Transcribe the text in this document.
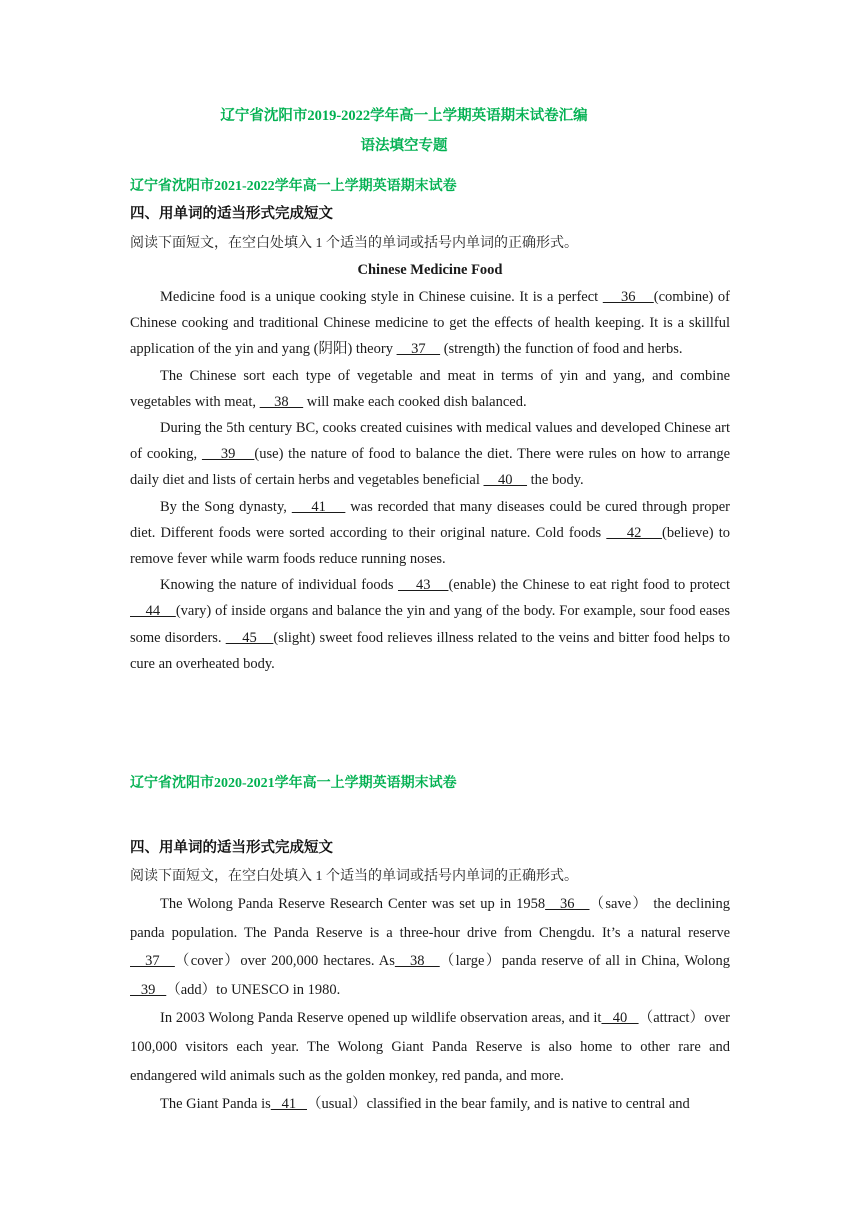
辽宁省沈阳市2019-2022学年高一上学期英语期末试卷汇编
语法填空专题
辽宁省沈阳市2021-2022学年高一上学期英语期末试卷
四、用单词的适当形式完成短文
阅读下面短文，在空白处填入 1 个适当的单词或括号内单词的正确形式。
Chinese Medicine Food

Medicine food is a unique cooking style in Chinese cuisine. It is a perfect     36    (combine) of Chinese cooking and traditional Chinese medicine to get the effects of health keeping. It is a skillful application of the yin and yang (阴阳) theory     37     (strength) the function of food and herbs.

The Chinese sort each type of vegetable and meat in terms of yin and yang, and combine vegetables with meat,     38     will make each cooked dish balanced.

During the 5th century BC, cooks created cuisines with medical values and developed Chinese art of cooking,     39    (use) the nature of food to balance the diet. There were rules on how to arrange daily diet and lists of certain herbs and vegetables beneficial     40     the body.

By the Song dynasty,     41     was recorded that many diseases could be cured through proper diet. Different foods were sorted according to their original nature. Cold foods     42    (believe) to remove fever while warm foods reduce running noses.

Knowing the nature of individual foods     43    (enable) the Chinese to eat right food to protect     44    (vary) of inside organs and balance the yin and yang of the body. For example, sour food eases some disorders.     45    (slight) sweet food relieves illness related to the veins and bitter food helps to cure an overheated body.

辽宁省沈阳市2020-2021学年高一上学期英语期末试卷
四、用单词的适当形式完成短文
阅读下面短文，在空白处填入 1 个适当的单词或括号内单词的正确形式。

The Wolong Panda Reserve Research Center was set up in 1958   36   （save） the declining panda population. The Panda Reserve is a three-hour drive from Chengdu. It’s a natural reserve   37   （cover）over 200,000 hectares. As   38   （large）panda reserve of all in China, Wolong   39   （add）to UNESCO in 1980.

In 2003 Wolong Panda Reserve opened up wildlife observation areas, and it   40   （attract）over 100,000 visitors each year. The Wolong Giant Panda Reserve is also home to other rare and endangered wild animals such as the golden monkey, red panda, and more.

The Giant Panda is   41   （usual）classified in the bear family, and is native to central and
